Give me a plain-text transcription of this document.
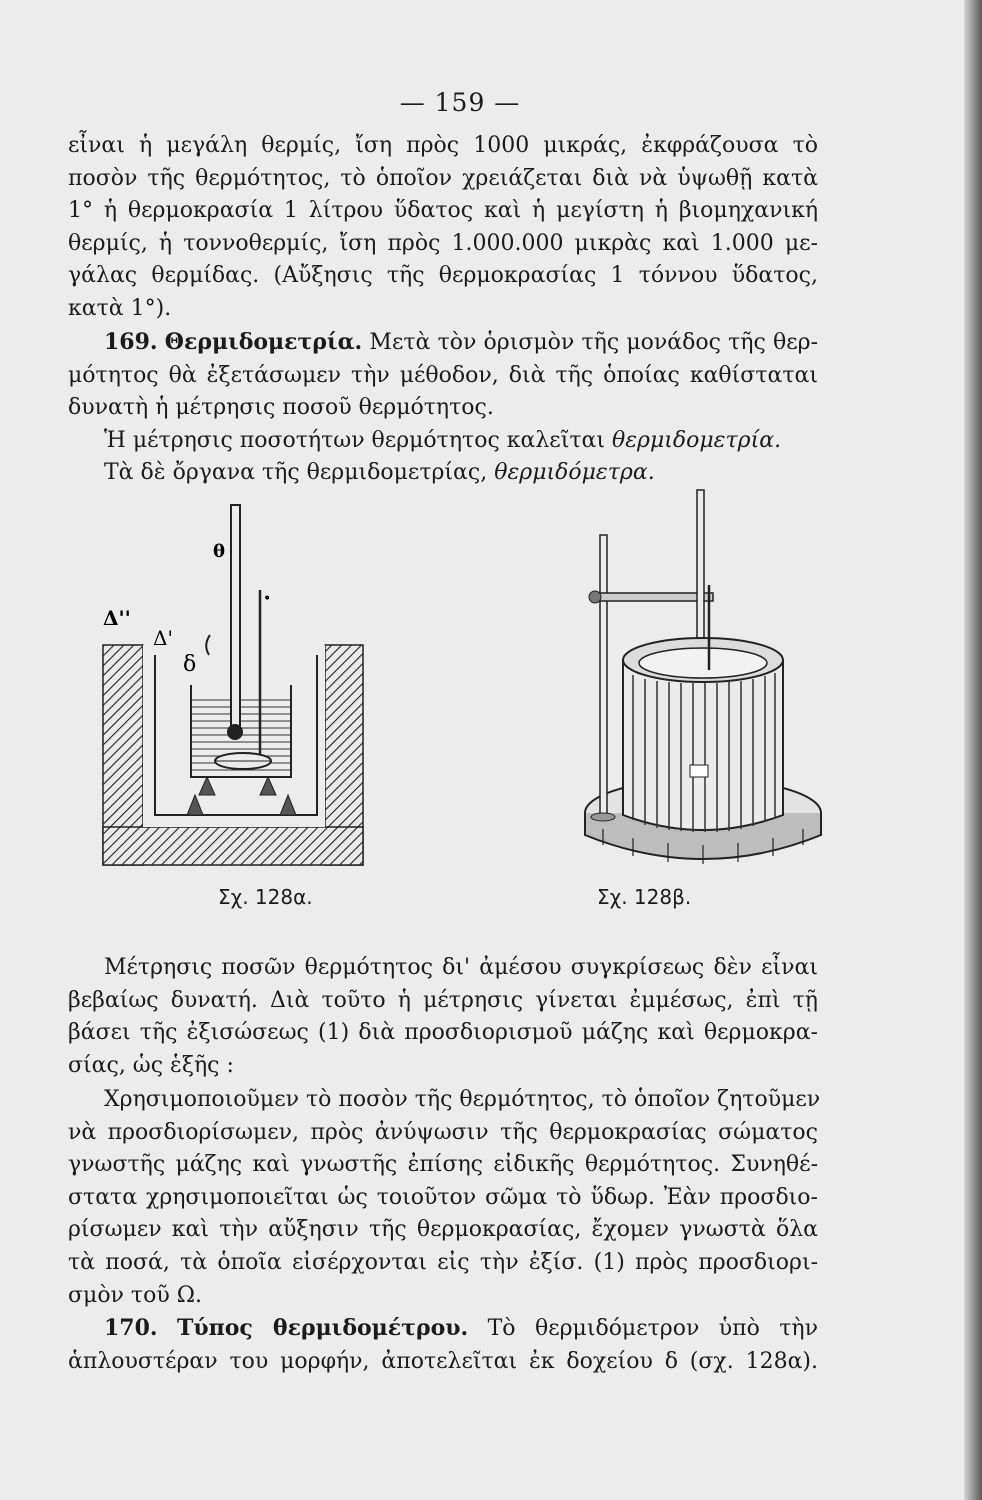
— 159 —
εἶναι ἡ μεγάλη θερμίς, ἴση πρὸς 1000 μικράς, ἐκφράζουσα τὸ
ποσὸν τῆς θερμότητος, τὸ ὁποῖον χρειάζεται διὰ νὰ ὑψωθῇ κατὰ
1° ἡ θερμοκρασία 1 λίτρου ὕδατος καὶ ἡ μεγίστη ἡ βιομηχανική
θερμίς, ἡ τοννοθερμίς, ἴση πρὸς 1.000.000 μικρὰς καὶ 1.000 με-
γάλας θερμίδας. (Αὔξησις τῆς θερμοκρασίας 1 τόννου ὕδατος,
κατὰ 1°).
169. Θερμιδομετρία. Μετὰ τὸν ὁρισμὸν τῆς μονάδος τῆς θερ-
μότητος θὰ ἐξετάσωμεν τὴν μέθοδον, διὰ τῆς ὁποίας καθίσταται
δυνατὴ ἡ μέτρησις ποσοῦ θερμότητος.
Ἡ μέτρησις ποσοτήτων θερμότητος καλεῖται θερμιδομετρία.
Τὰ δὲ ὄργανα τῆς θερμιδομετρίας, θερμιδόμετρα.
θ
Δ''
Δ'
δ
•
Σχ. 128α.	Σχ. 128β.
Μέτρησις ποσῶν θερμότητος δι' ἀμέσου συγκρίσεως δὲν εἶναι
βεβαίως δυνατή. Διὰ τοῦτο ἡ μέτρησις γίνεται ἐμμέσως, ἐπὶ τῇ
βάσει τῆς ἐξισώσεως (1) διὰ προσδιορισμοῦ μάζης καὶ θερμοκρα-
σίας, ὡς ἑξῆς :
Χρησιμοποιοῦμεν τὸ ποσὸν τῆς θερμότητος, τὸ ὁποῖον ζητοῦμεν
νὰ προσδιορίσωμεν, πρὸς ἀνύψωσιν τῆς θερμοκρασίας σώματος
γνωστῆς μάζης καὶ γνωστῆς ἐπίσης εἰδικῆς θερμότητος. Συνηθέ-
στατα χρησιμοποιεῖται ὡς τοιοῦτον σῶμα τὸ ὕδωρ. Ἐὰν προσδιο-
ρίσωμεν καὶ τὴν αὔξησιν τῆς θερμοκρασίας, ἔχομεν γνωστὰ ὅλα
τὰ ποσά, τὰ ὁποῖα εἰσέρχονται εἰς τὴν ἐξίσ. (1) πρὸς προσδιορι-
σμὸν τοῦ Ω.
170. Τύπος θερμιδομέτρου. Τὸ θερμιδόμετρον ὑπὸ τὴν
ἁπλουστέραν του μορφήν, ἀποτελεῖται ἐκ δοχείου δ (σχ. 128α).
